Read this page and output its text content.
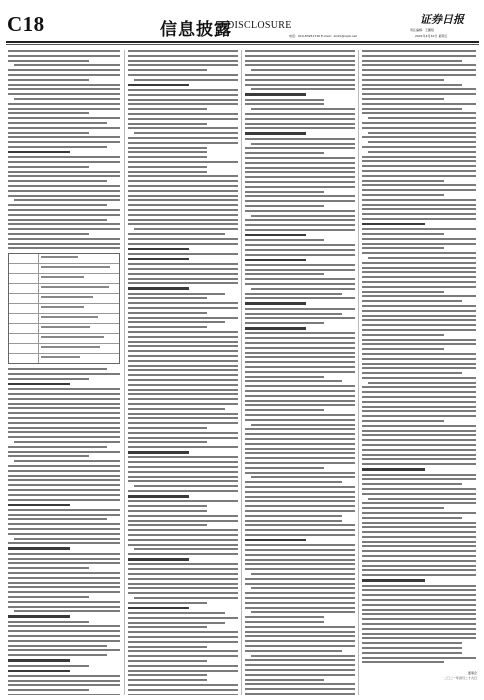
C18	信息披露
DISCLOSURE	证券日报
责任编辑：王鹏程
电话：010-83251716 E-mail：zmzx@zqrb.net	2021年4月30日 星期五
董事会
二〇二一年四月二十九日
